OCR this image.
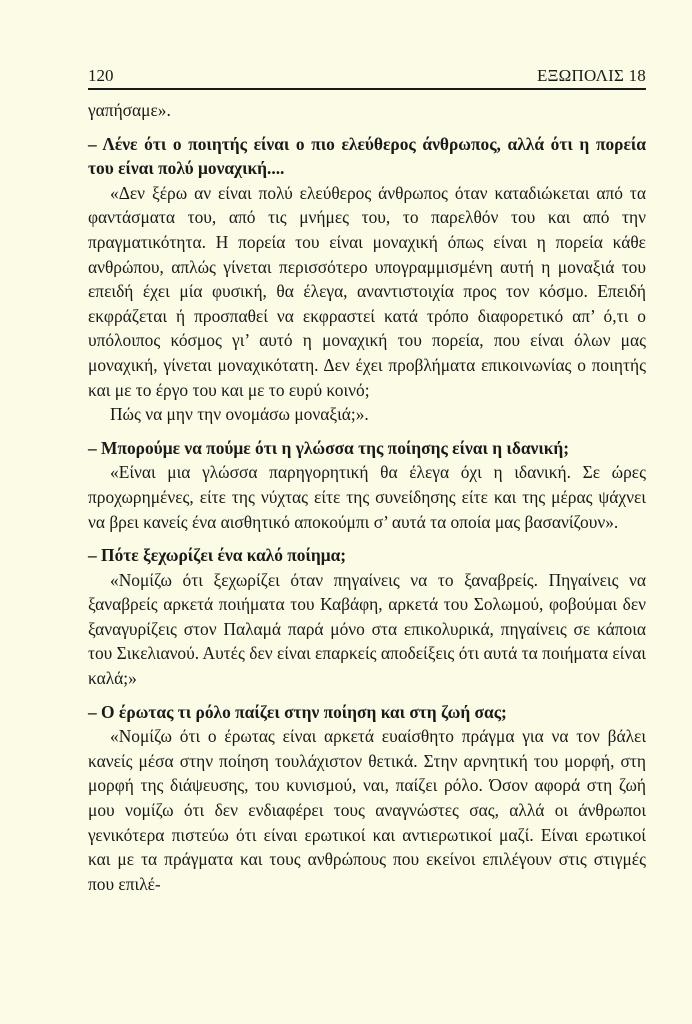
120	ΕΞΩΠΟΛΙΣ 18

γαπήσαμε».

– Λένε ότι ο ποιητής είναι ο πιο ελεύθερος άνθρωπος, αλλά ότι η πορεία του είναι πολύ μοναχική....

«Δεν ξέρω αν είναι πολύ ελεύθερος άνθρωπος όταν καταδιώκεται από τα φαντάσματα του, από τις μνήμες του, το παρελθόν του και από την πραγματικότητα. Η πορεία του είναι μοναχική όπως είναι η πορεία κάθε ανθρώπου, απλώς γίνεται περισσότερο υπογραμμισμένη αυτή η μοναξιά του επειδή έχει μία φυσική, θα έλεγα, αναντιστοιχία προς τον κόσμο. Επειδή εκφράζεται ή προσπαθεί να εκφραστεί κατά τρόπο διαφορετικό απ’ ό,τι ο υπόλοιπος κόσμος γι’ αυτό η μοναχική του πορεία, που είναι όλων μας μοναχική, γίνεται μοναχικότατη. Δεν έχει προβλήματα επικοινωνίας ο ποιητής και με το έργο του και με το ευρύ κοινό;

Πώς να μην την ονομάσω μοναξιά;».

– Μπορούμε να πούμε ότι η γλώσσα της ποίησης είναι η ιδανική;

«Είναι μια γλώσσα παρηγορητική θα έλεγα όχι η ιδανική. Σε ώρες προχωρημένες, είτε της νύχτας είτε της συνείδησης είτε και της μέρας ψάχνει να βρει κανείς ένα αισθητικό αποκούμπι σ’ αυτά τα οποία μας βασανίζουν».

– Πότε ξεχωρίζει ένα καλό ποίημα;

«Νομίζω ότι ξεχωρίζει όταν πηγαίνεις να το ξαναβρείς. Πηγαίνεις να ξαναβρείς αρκετά ποιήματα του Καβάφη, αρκετά του Σολωμού, φοβούμαι δεν ξαναγυρίζεις στον Παλαμά παρά μόνο στα επικολυρικά, πηγαίνεις σε κάποια του Σικελιανού. Αυτές δεν είναι επαρκείς αποδείξεις ότι αυτά τα ποιήματα είναι καλά;»

– Ο έρωτας τι ρόλο παίζει στην ποίηση και στη ζωή σας;

«Νομίζω ότι ο έρωτας είναι αρκετά ευαίσθητο πράγμα για να τον βάλει κανείς μέσα στην ποίηση τουλάχιστον θετικά. Στην αρνητική του μορφή, στη μορφή της διάψευσης, του κυνισμού, ναι, παίζει ρόλο. Όσον αφορά στη ζωή μου νομίζω ότι δεν ενδιαφέρει τους αναγνώστες σας, αλλά οι άνθρωποι γενικότερα πιστεύω ότι είναι ερωτικοί και αντιερωτικοί μαζί. Είναι ερωτικοί και με τα πράγματα και τους ανθρώπους που εκείνοι επιλέγουν στις στιγμές που επιλέ-
